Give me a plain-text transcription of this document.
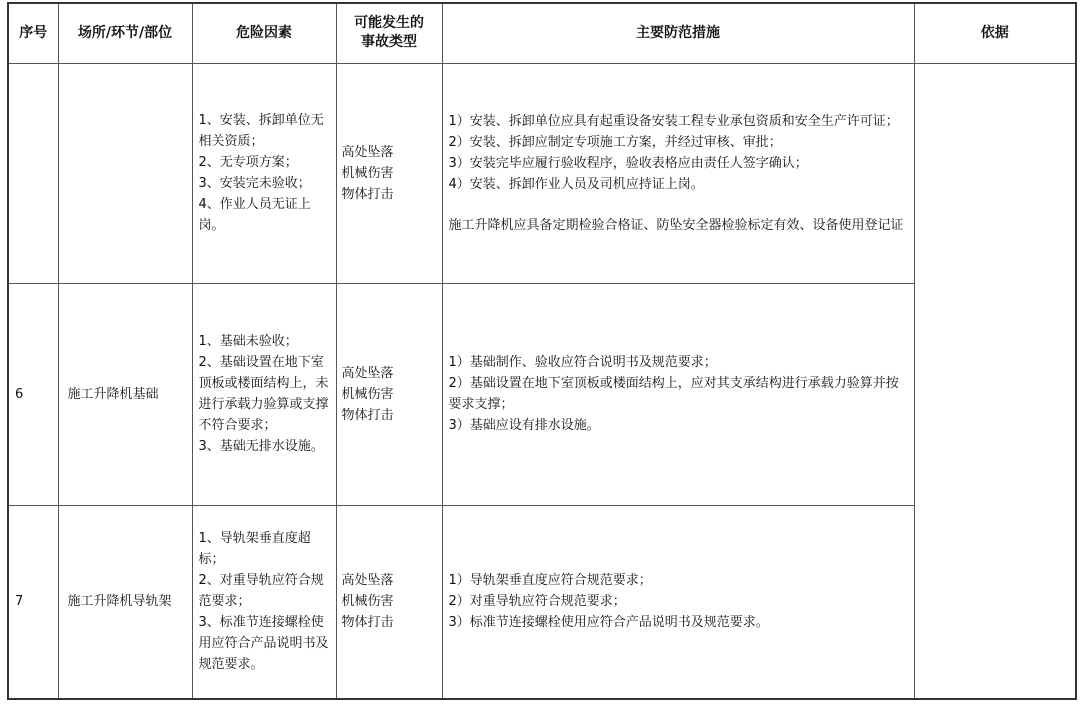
序号	场所/环节/部位	危险因素	可能发生的
事故类型	主要防范措施	依据
		1、安装、拆卸单位无相关资质；
2、无专项方案；
3、安装完未验收；
4、作业人员无证上岗。	高处坠落
机械伤害
物体打击	1）安装、拆卸单位应具有起重设备安装工程专业承包资质和安全生产许可证；
2）安装、拆卸应制定专项施工方案，并经过审核、审批；
3）安装完毕应履行验收程序，验收表格应由责任人签字确认；
4）安装、拆卸作业人员及司机应持证上岗。
施工升降机应具备定期检验合格证、防坠安全器检验标定有效、设备使用登记证	

6	施工升降机基础	1、基础未验收；
2、基础设置在地下室顶板或楼面结构上，未进行承载力验算或支撑不符合要求；
3、基础无排水设施。	高处坠落
机械伤害
物体打击	1）基础制作、验收应符合说明书及规范要求；
2）基础设置在地下室顶板或楼面结构上，应对其支承结构进行承载力验算并按要求支撑；
3）基础应设有排水设施。	

7	施工升降机导轨架	1、导轨架垂直度超标；
2、对重导轨应符合规范要求；
3、标准节连接螺栓使用应符合产品说明书及规范要求。	高处坠落
机械伤害
物体打击	1）导轨架垂直度应符合规范要求；
2）对重导轨应符合规范要求；
3）标准节连接螺栓使用应符合产品说明书及规范要求。	
